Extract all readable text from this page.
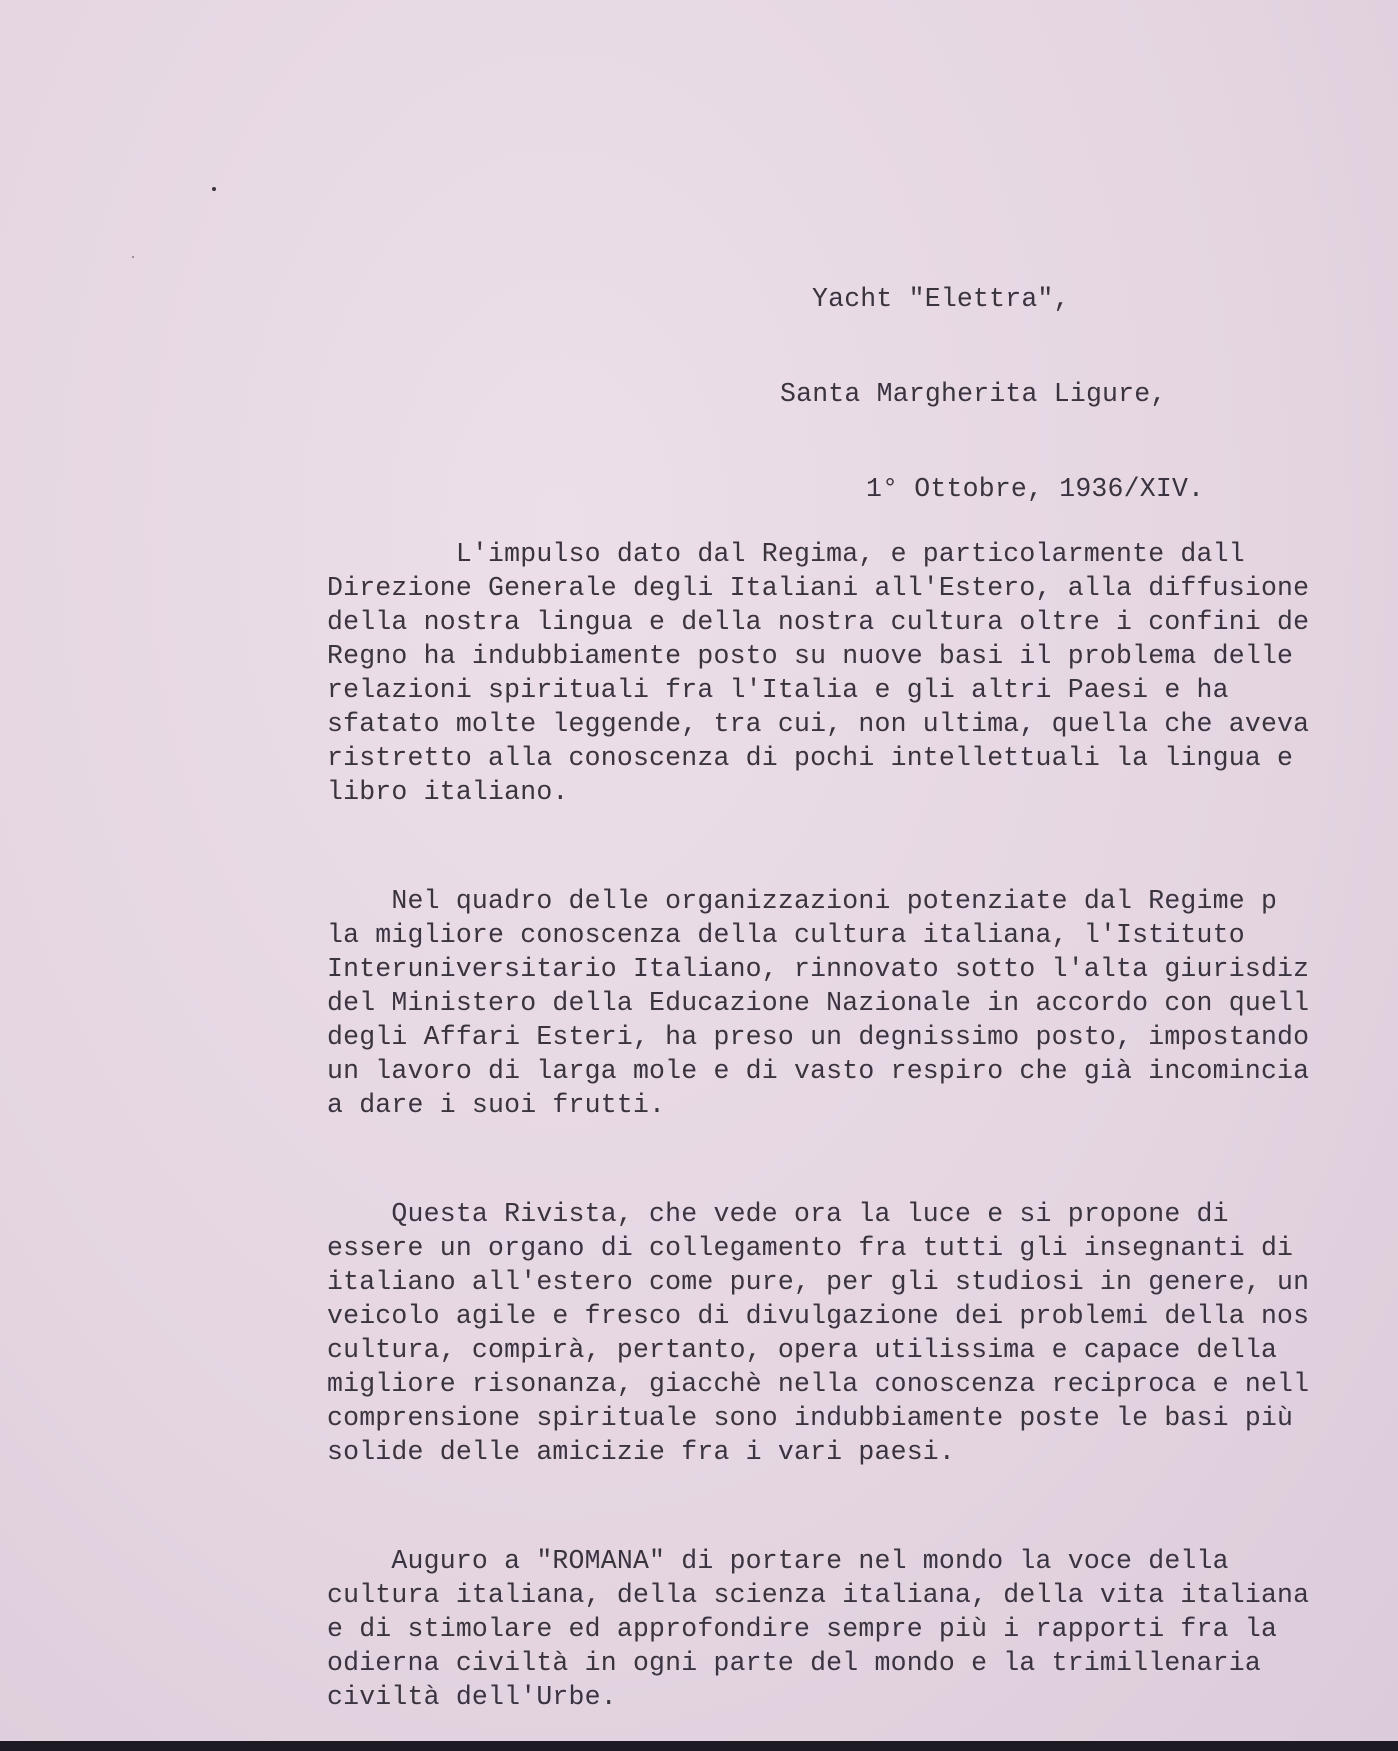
Yacht "Elettra",

Santa Margherita Ligure,

1° Ottobre, 1936/XIV.

L'impulso dato dal Regima, e particolarmente dall
Direzione Generale degli Italiani all'Estero, alla diffusione
della nostra lingua e della nostra cultura oltre i confini de
Regno ha indubbiamente posto su nuove basi il problema delle
relazioni spirituali fra l'Italia e gli altri Paesi e ha
sfatato molte leggende, tra cui, non ultima, quella che aveva
ristretto alla conoscenza di pochi intellettuali la lingua e
libro italiano.

Nel quadro delle organizzazioni potenziate dal Regime p
la migliore conoscenza della cultura italiana, l'Istituto
Interuniversitario Italiano, rinnovato sotto l'alta giurisdiz
del Ministero della Educazione Nazionale in accordo con quell
degli Affari Esteri, ha preso un degnissimo posto, impostando
un lavoro di larga mole e di vasto respiro che già incomincia
a dare i suoi frutti.

Questa Rivista, che vede ora la luce e si propone di
essere un organo di collegamento fra tutti gli insegnanti di
italiano all'estero come pure, per gli studiosi in genere, un
veicolo agile e fresco di divulgazione dei problemi della nos
cultura, compirà, pertanto, opera utilissima e capace della
migliore risonanza, giacchè nella conoscenza reciproca e nell
comprensione spirituale sono indubbiamente poste le basi più
solide delle amicizie fra i vari paesi.

Auguro a "ROMANA" di portare nel mondo la voce della
cultura italiana, della scienza italiana, della vita italiana
e di stimolare ed approfondire sempre più i rapporti fra la
odierna civiltà in ogni parte del mondo e la trimillenaria
civiltà dell'Urbe.
